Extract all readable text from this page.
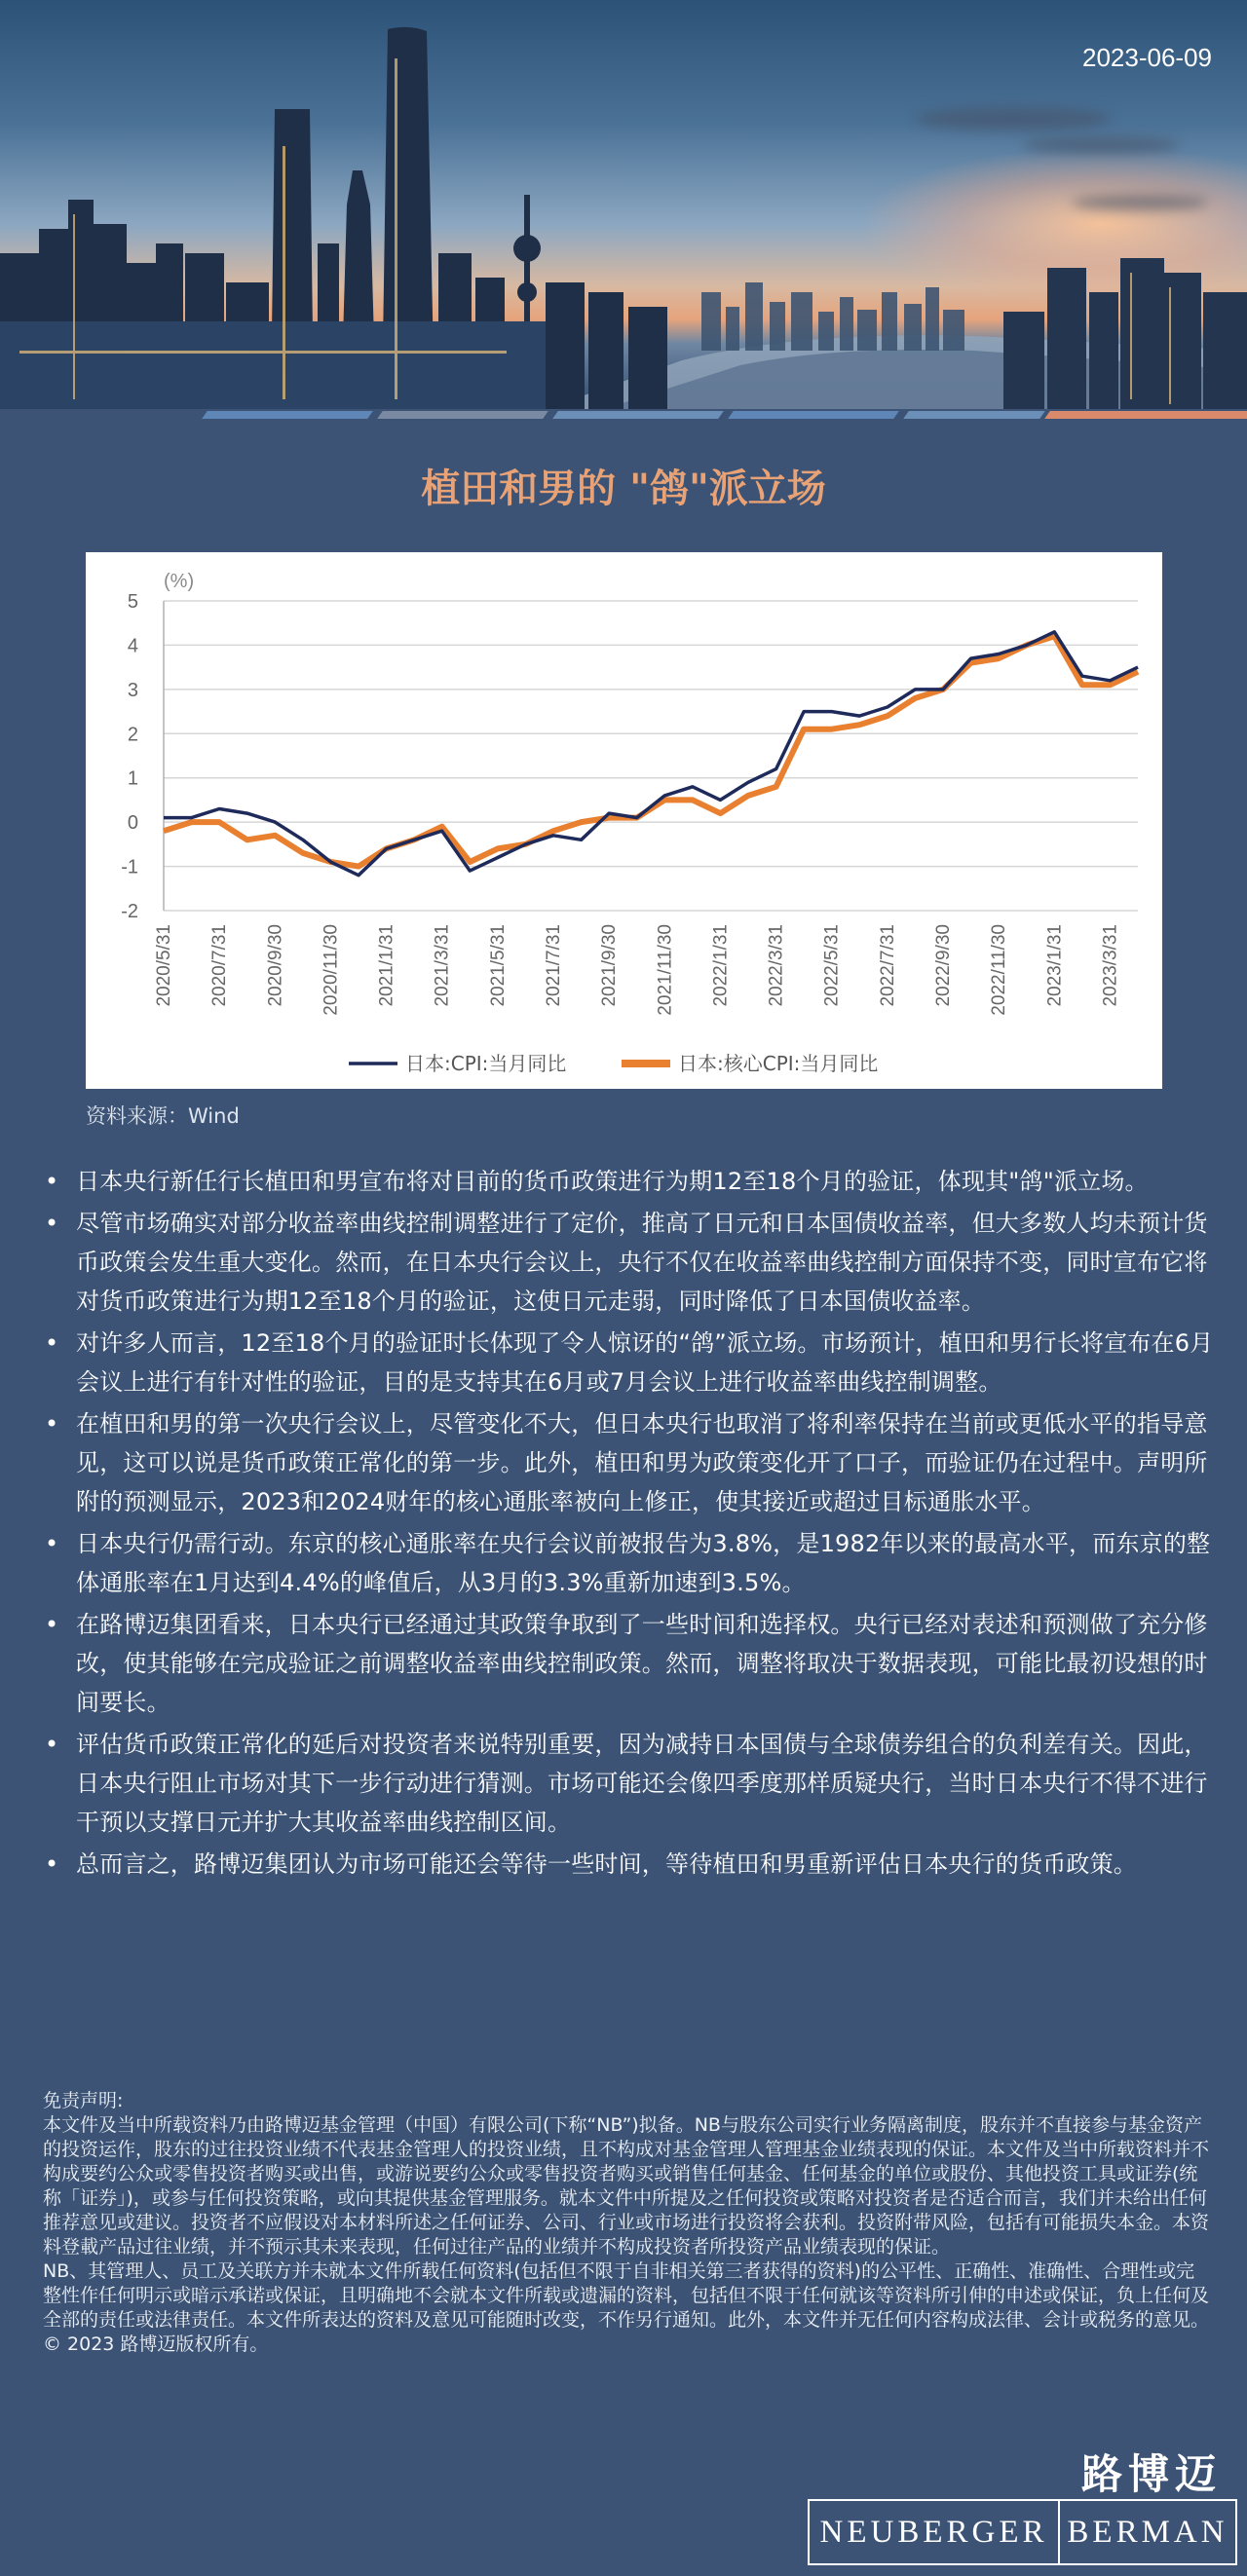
2023-06-09
植田和男的 "鸽"派立场
5
4
3
2
1
0
-1
-2
2020/5/31 2020/7/31 2020/9/30 2020/11/30 2021/1/31 2021/3/31 2021/5/31 2021/7/31 2021/9/30 2021/11/30 2022/1/31 2022/3/31 2022/5/31 2022/7/31 2022/9/30 2022/11/30 2023/1/31 2023/3/31
(%)
日本:CPI:当月同比	日本:核心CPI:当月同比
资料来源：Wind
• 日本央行新任行长植田和男宣布将对目前的货币政策进行为期12至18个月的验证，体现其"鸽"派立场。
• 尽管市场确实对部分收益率曲线控制调整进行了定价，推高了日元和日本国债收益率，但大多数人均未预计货币政策会发生重大变化。然而，在日本央行会议上，央行不仅在收益率曲线控制方面保持不变，同时宣布它将对货币政策进行为期12至18个月的验证，这使日元走弱，同时降低了日本国债收益率。
• 对许多人而言，12至18个月的验证时长体现了令人惊讶的“鸽”派立场。市场预计，植田和男行长将宣布在6月会议上进行有针对性的验证，目的是支持其在6月或7月会议上进行收益率曲线控制调整。
• 在植田和男的第一次央行会议上，尽管变化不大，但日本央行也取消了将利率保持在当前或更低水平的指导意见，这可以说是货币政策正常化的第一步。此外，植田和男为政策变化开了口子，而验证仍在过程中。声明所附的预测显示，2023和2024财年的核心通胀率被向上修正，使其接近或超过目标通胀水平。
• 日本央行仍需行动。东京的核心通胀率在央行会议前被报告为3.8%，是1982年以来的最高水平，而东京的整体通胀率在1月达到4.4%的峰值后，从3月的3.3%重新加速到3.5%。
• 在路博迈集团看来，日本央行已经通过其政策争取到了一些时间和选择权。央行已经对表述和预测做了充分修改，使其能够在完成验证之前调整收益率曲线控制政策。然而，调整将取决于数据表现，可能比最初设想的时间要长。
• 评估货币政策正常化的延后对投资者来说特别重要，因为减持日本国债与全球债券组合的负利差有关。因此，日本央行阻止市场对其下一步行动进行猜测。市场可能还会像四季度那样质疑央行，当时日本央行不得不进行干预以支撑日元并扩大其收益率曲线控制区间。
• 总而言之，路博迈集团认为市场可能还会等待一些时间，等待植田和男重新评估日本央行的货币政策。

免责声明:

本文件及当中所载资料乃由路博迈基金管理（中国）有限公司(下称“NB”)拟备。NB与股东公司实行业务隔离制度，股东并不直接参与基金资产的投资运作，股东的过往投资业绩不代表基金管理人的投资业绩，且不构成对基金管理人管理基金业绩表现的保证。本文件及当中所载资料并不构成要约公众或零售投资者购买或出售，或游说要约公众或零售投资者购买或销售任何基金、任何基金的单位或股份、其他投资工具或证券(统称「证券」)，或参与任何投资策略，或向其提供基金管理服务。就本文件中所提及之任何投资或策略对投资者是否适合而言，我们并未给出任何推荐意见或建议。投资者不应假设对本材料所述之任何证券、公司、行业或市场进行投资将会获利。投资附带风险，包括有可能损失本金。本资料登載产品过往业绩，并不预示其未来表现，任何过往产品的业绩并不构成投资者所投资产品业绩表现的保证。

NB、其管理人、员工及关联方并未就本文件所载任何资料(包括但不限于自非相关第三者获得的资料)的公平性、正确性、准确性、合理性或完整性作任何明示或暗示承诺或保证，且明确地不会就本文件所载或遗漏的资料，包括但不限于任何就该等资料所引伸的申述或保证，负上任何及全部的责任或法律责任。本文件所表达的资料及意见可能随时改变，不作另行通知。此外，本文件并无任何内容构成法律、会计或税务的意见。

© 2023 路博迈版权所有。

路博迈
NEUBERGER BERMAN
